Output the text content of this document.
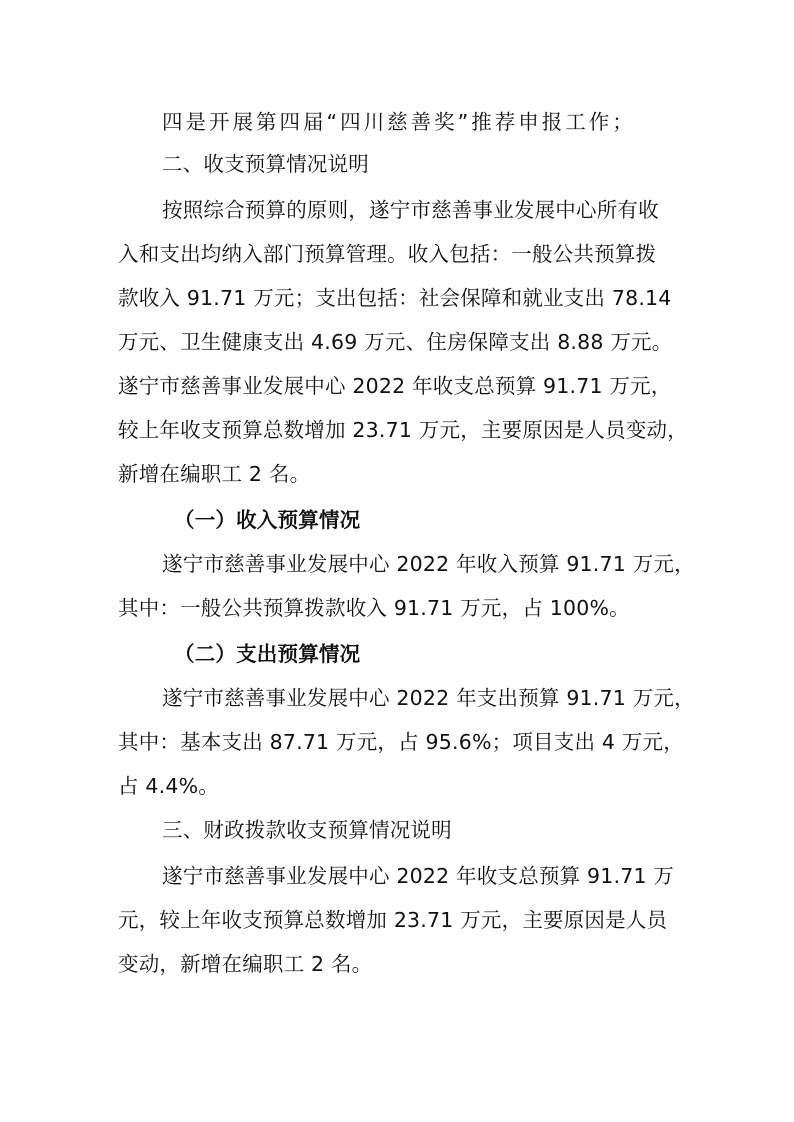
四是开展第四届“四川慈善奖”推荐申报工作；
二、收支预算情况说明
按照综合预算的原则，遂宁市慈善事业发展中心所有收
入和支出均纳入部门预算管理。收入包括：一般公共预算拨
款收入 91.71 万元；支出包括：社会保障和就业支出 78.14
万元、卫生健康支出 4.69 万元、住房保障支出 8.88 万元。
遂宁市慈善事业发展中心 2022 年收支总预算 91.71 万元，
较上年收支预算总数增加 23.71 万元，主要原因是人员变动，
新增在编职工 2 名。
（一）收入预算情况
遂宁市慈善事业发展中心 2022 年收入预算 91.71 万元，
其中：一般公共预算拨款收入 91.71 万元，占 100%。
（二）支出预算情况
遂宁市慈善事业发展中心 2022 年支出预算 91.71 万元，
其中：基本支出 87.71 万元，占 95.6%；项目支出 4 万元，
占 4.4%。
三、财政拨款收支预算情况说明
遂宁市慈善事业发展中心 2022 年收支总预算 91.71 万
元，较上年收支预算总数增加 23.71 万元，主要原因是人员
变动，新增在编职工 2 名。
